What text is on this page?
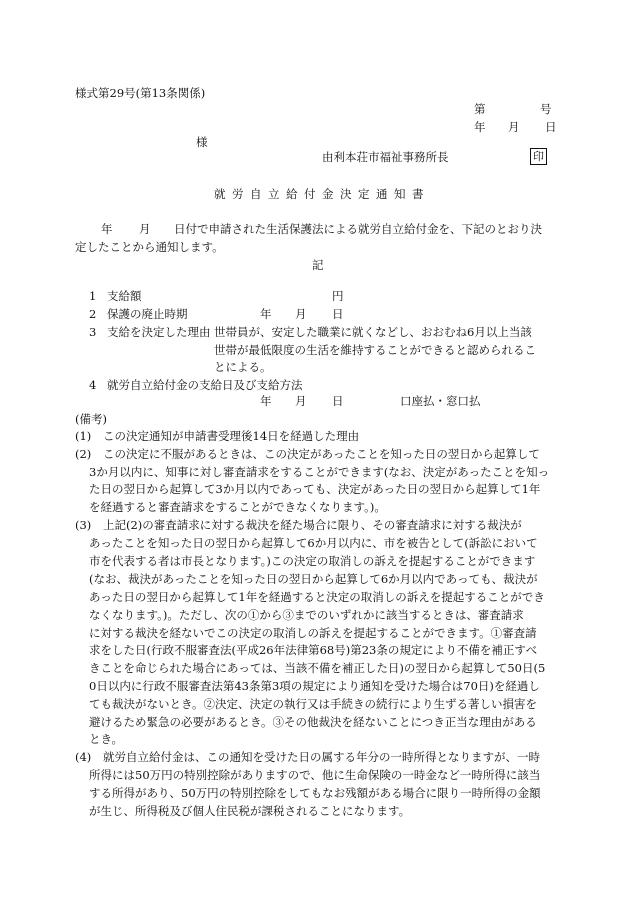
様式第29号(第13条関係)
第	号
年 月 日
様
由利本荘市福祉事務所長	印
就労自立給付金決定通知書
年 月 日付で申請された生活保護法による就労自立給付金を、下記のとおり決
定したことから通知します。
記
1 支給額	円
2 保護の廃止時期	年 月 日
3 支給を決定した理由 世帯員が、安定した職業に就くなどし、おおむね6月以上当該
世帯が最低限度の生活を維持することができると認められるこ
とによる。
4 就労自立給付金の支給日及び支給方法
年 月 日	口座払・窓口払
(備考)
(1) この決定通知が申請書受理後14日を経過した理由
(2) この決定に不服があるときは、この決定があったことを知った日の翌日から起算して
3か月以内に、知事に対し審査請求をすることができます(なお、決定があったことを知っ
た日の翌日から起算して3か月以内であっても、決定があった日の翌日から起算して1年
を経過すると審査請求をすることができなくなります。)。
(3) 上記(2)の審査請求に対する裁決を経た場合に限り、その審査請求に対する裁決が
あったことを知った日の翌日から起算して6か月以内に、市を被告として(訴訟において
市を代表する者は市長となります。)この決定の取消しの訴えを提起することができます
(なお、裁決があったことを知った日の翌日から起算して6か月以内であっても、裁決が
あった日の翌日から起算して1年を経過すると決定の取消しの訴えを提起することができ
なくなります。)。ただし、次の①から③までのいずれかに該当するときは、審査請求
に対する裁決を経ないでこの決定の取消しの訴えを提起することができます。①審査請
求をした日(行政不服審査法(平成26年法律第68号)第23条の規定により不備を補正すべ
きことを命じられた場合にあっては、当該不備を補正した日)の翌日から起算して50日(5
0日以内に行政不服審査法第43条第3項の規定により通知を受けた場合は70日)を経過し
ても裁決がないとき。②決定、決定の執行又は手続きの続行により生ずる著しい損害を
避けるため緊急の必要があるとき。③その他裁決を経ないことにつき正当な理由がある
とき。
(4) 就労自立給付金は、この通知を受けた日の属する年分の一時所得となりますが、一時
所得には50万円の特別控除がありますので、他に生命保険の一時金など一時所得に該当
する所得があり、50万円の特別控除をしてもなお残額がある場合に限り一時所得の金額
が生じ、所得税及び個人住民税が課税されることになります。
